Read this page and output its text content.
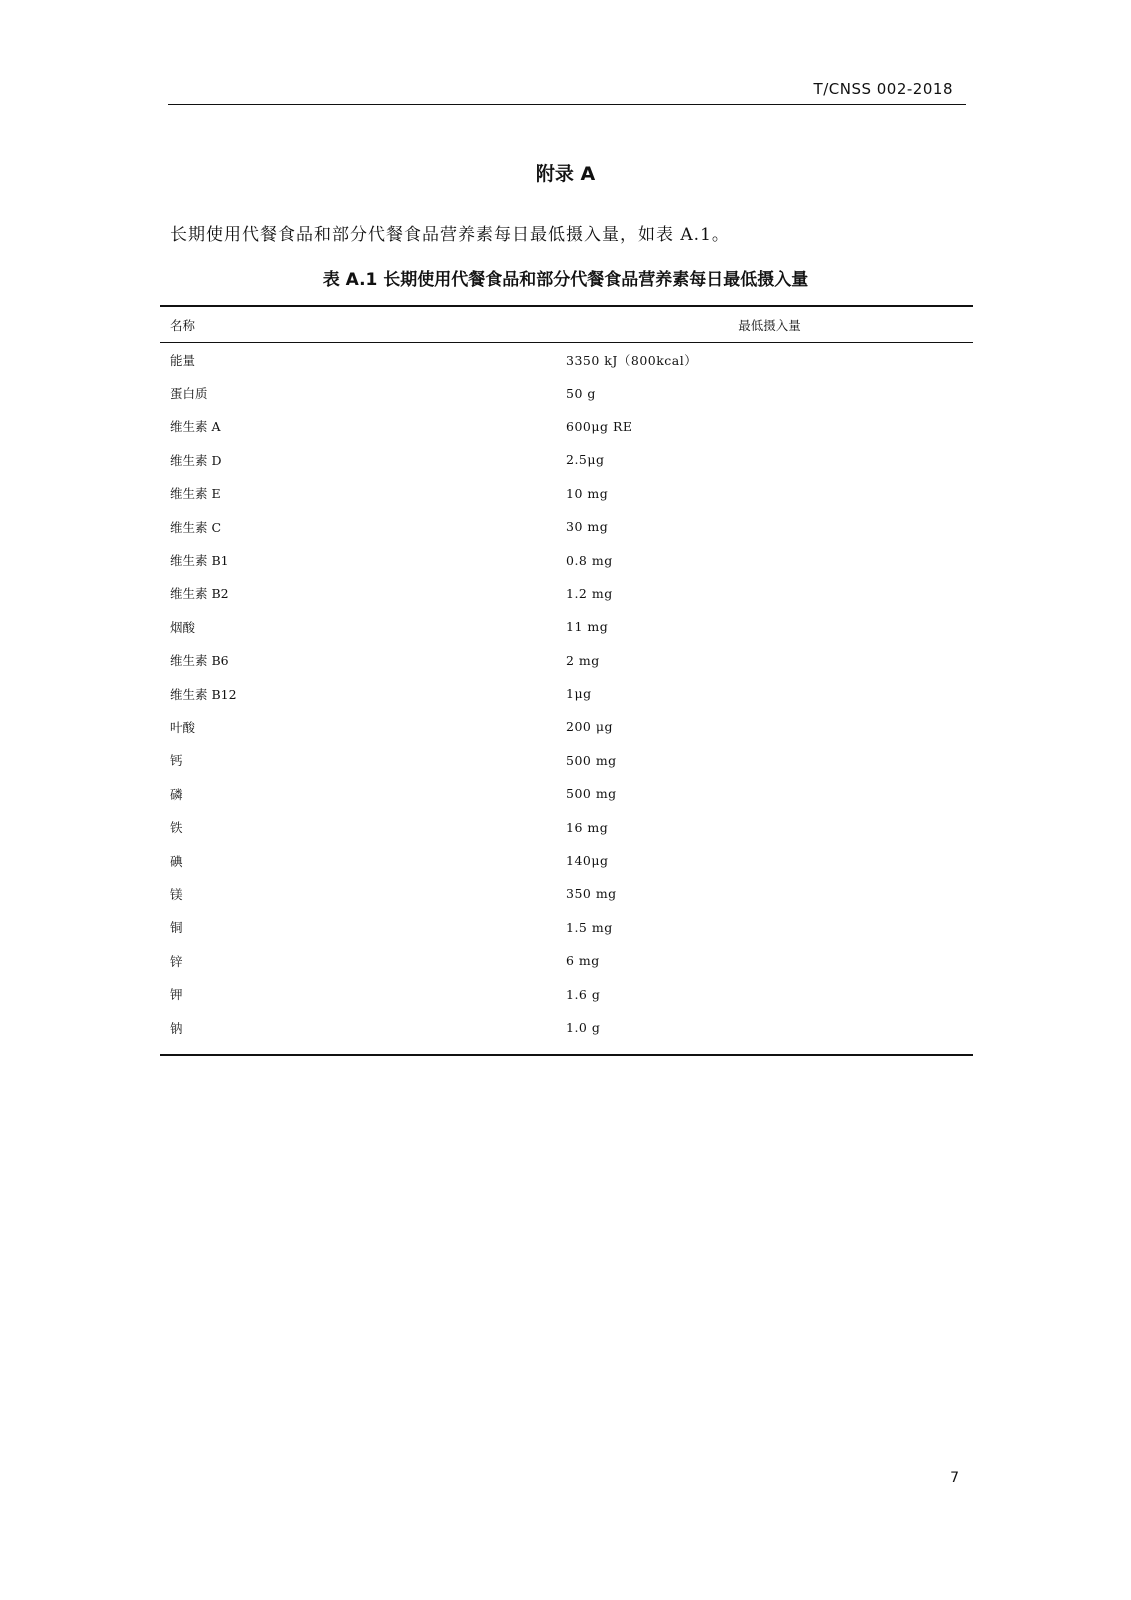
T/CNSS 002-2018
附录 A
长期使用代餐食品和部分代餐食品营养素每日最低摄入量，如表 A.1。
表 A.1 长期使用代餐食品和部分代餐食品营养素每日最低摄入量
名称	最低摄入量
能量	3350 kJ（800kcal）
蛋白质	50 g
维生素 A	600μg RE
维生素 D	2.5μg
维生素 E	10 mg
维生素 C	30 mg
维生素 B1	0.8 mg
维生素 B2	1.2 mg
烟酸	11 mg
维生素 B6	2 mg
维生素 B12	1μg
叶酸	200 μg
钙	500 mg
磷	500 mg
铁	16 mg
碘	140μg
镁	350 mg
铜	1.5 mg
锌	6 mg
钾	1.6 g
钠	1.0 g
7
